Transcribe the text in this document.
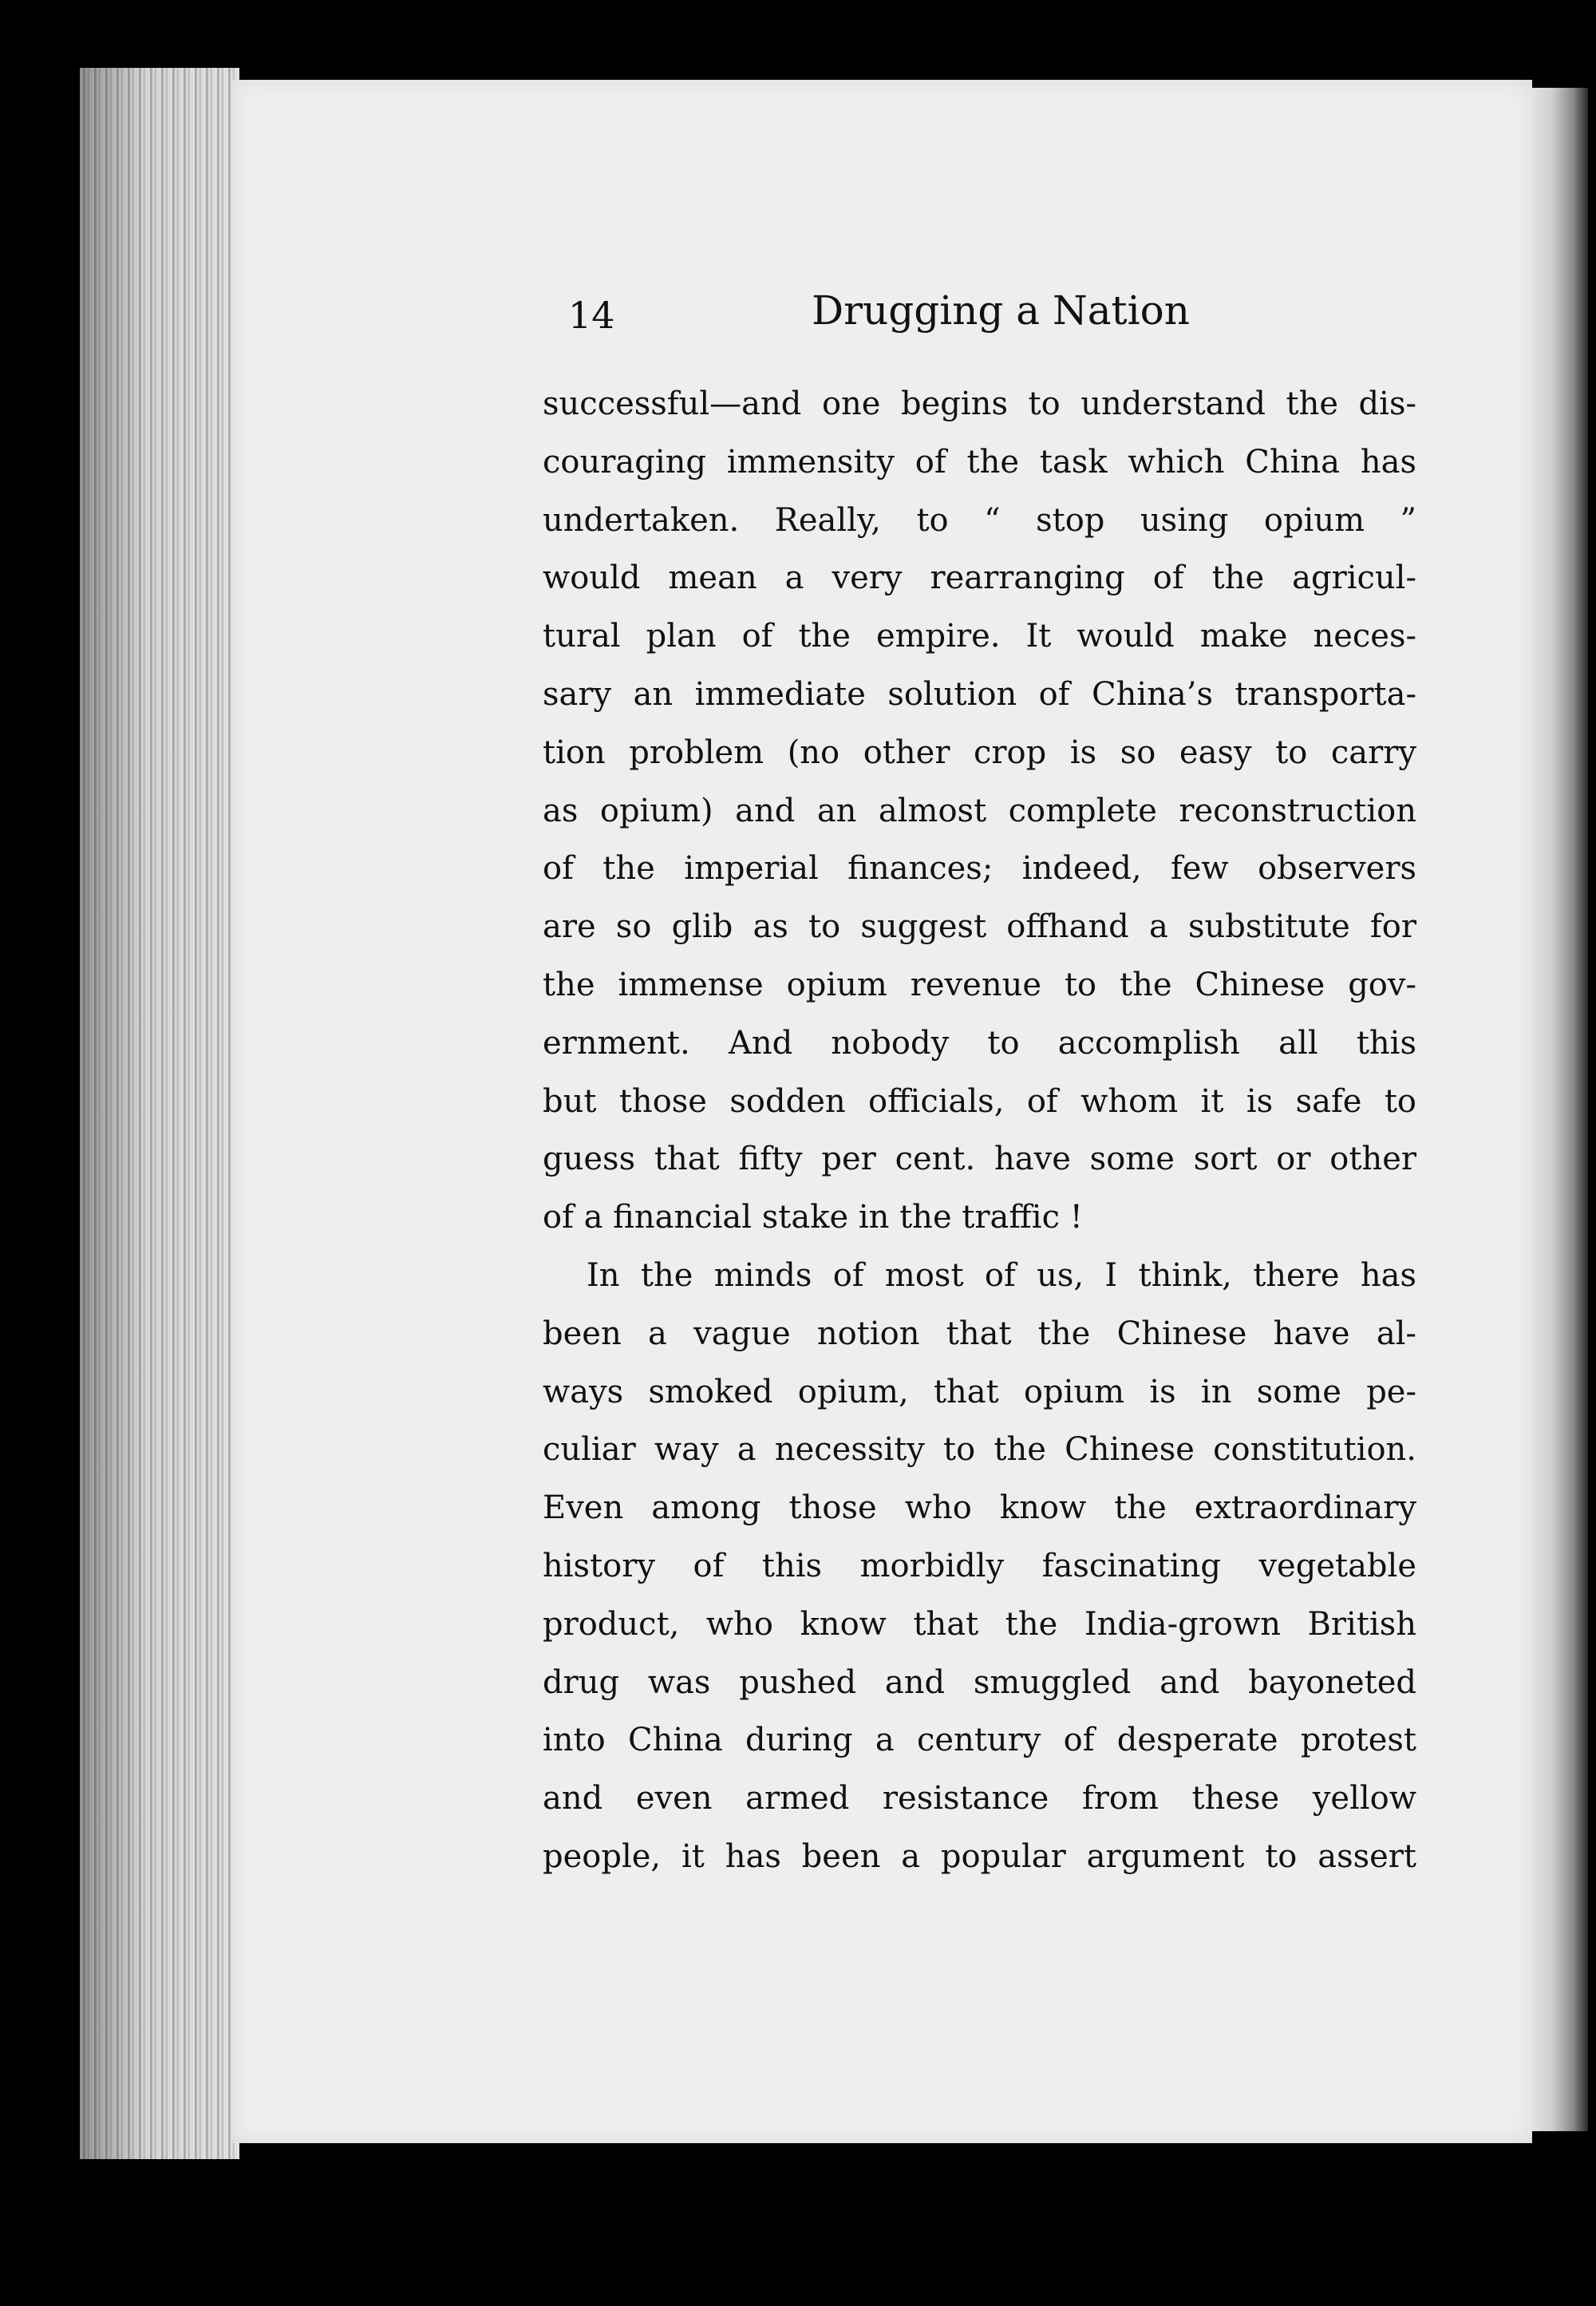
14	Drugging a Nation
successful—and one begins to understand the dis-
couraging immensity of the task which China has
undertaken. Really, to “ stop using opium ”
would mean a very rearranging of the agricul-
tural plan of the empire. It would make neces-
sary an immediate solution of China’s transporta-
tion problem (no other crop is so easy to carry
as opium) and an almost complete reconstruction
of the imperial finances; indeed, few observers
are so glib as to suggest offhand a substitute for
the immense opium revenue to the Chinese gov-
ernment. And nobody to accomplish all this
but those sodden officials, of whom it is safe to
guess that fifty per cent. have some sort or other
of a financial stake in the traffic !
In the minds of most of us, I think, there has
been a vague notion that the Chinese have al-
ways smoked opium, that opium is in some pe-
culiar way a necessity to the Chinese constitution.
Even among those who know the extraordinary
history of this morbidly fascinating vegetable
product, who know that the India-grown British
drug was pushed and smuggled and bayoneted
into China during a century of desperate protest
and even armed resistance from these yellow
people, it has been a popular argument to assert
